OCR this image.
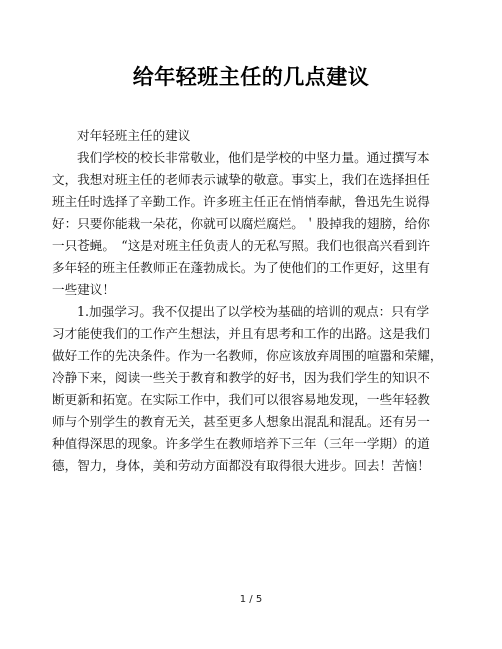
给年轻班主任的几点建议
对年轻班主任的建议
我们学校的校长非常敬业，他们是学校的中坚力量。通过撰写本
文，我想对班主任的老师表示诚挚的敬意。事实上，我们在选择担任
班主任时选择了辛勤工作。许多班主任正在悄悄奉献，鲁迅先生说得
好：只要你能栽一朵花，你就可以腐烂腐烂。＇股掉我的翅膀，给你
一只苍蝇。　“这是对班主任负责人的无私写照。我们也很高兴看到许
多年轻的班主任教师正在蓬勃成长。为了使他们的工作更好，这里有
一些建议！
1.加强学习。我不仅提出了以学校为基础的培训的观点：只有学
习才能使我们的工作产生想法，并且有思考和工作的出路。这是我们
做好工作的先决条件。作为一名教师，你应该放弃周围的喧嚣和荣耀，
冷静下来，阅读一些关于教育和教学的好书，因为我们学生的知识不
断更新和拓宽。在实际工作中，我们可以很容易地发现，一些年轻教
师与个别学生的教育无关，甚至更多人想象出混乱和混乱。还有另一
种值得深思的现象。许多学生在教师培养下三年（三年一学期）的道
德，智力，身体，美和劳动方面都没有取得很大进步。回去！苦恼！
1 / 5
